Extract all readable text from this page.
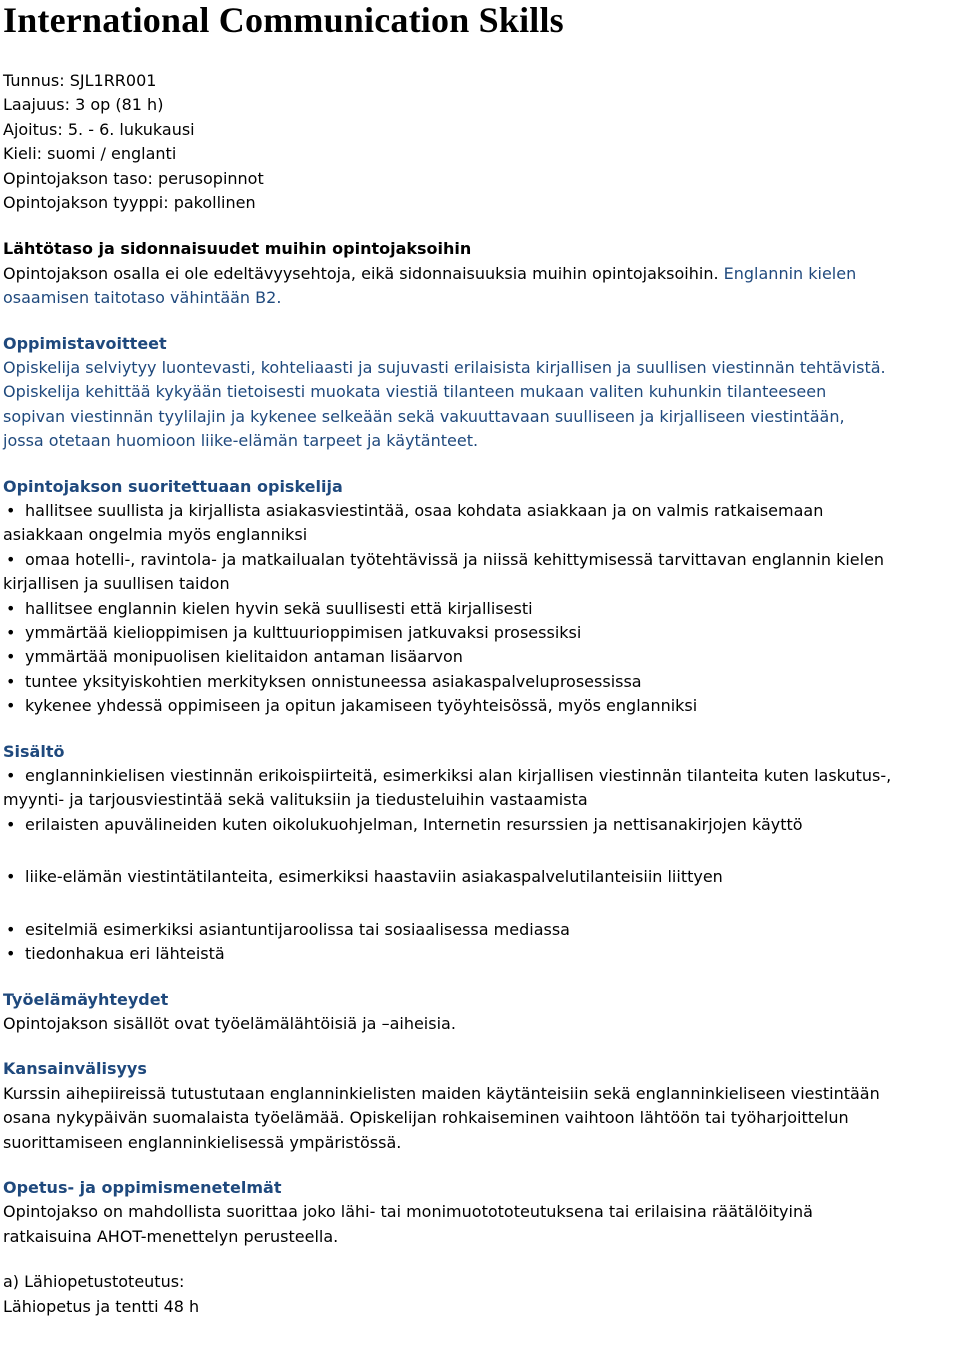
International Communication Skills
Tunnus: SJL1RR001
Laajuus: 3 op (81 h)
Ajoitus: 5. - 6. lukukausi
Kieli: suomi / englanti
Opintojakson taso: perusopinnot
Opintojakson tyyppi: pakollinen
Lähtötaso ja sidonnaisuudet muihin opintojaksoihin

Opintojakson osalla ei ole edeltävyysehtoja, eikä sidonnaisuuksia muihin opintojaksoihin. Englannin kielen
osaamisen taitotaso vähintään B2.

Oppimistavoitteet

Opiskelija selviytyy luontevasti, kohteliaasti ja sujuvasti erilaisista kirjallisen ja suullisen viestinnän tehtävistä.
Opiskelija kehittää kykyään tietoisesti muokata viestiä tilanteen mukaan valiten kuhunkin tilanteeseen
sopivan viestinnän tyylilajin ja kykenee selkeään sekä vakuuttavaan suulliseen ja kirjalliseen viestintään,
jossa otetaan huomioon liike-elämän tarpeet ja käytänteet.

Opintojakson suoritettuaan opiskelija
• hallitsee suullista ja kirjallista asiakasviestintää, osaa kohdata asiakkaan ja on valmis ratkaisemaan
asiakkaan ongelmia myös englanniksi
• omaa hotelli-, ravintola- ja matkailualan työtehtävissä ja niissä kehittymisessä tarvittavan englannin kielen
kirjallisen ja suullisen taidon
• hallitsee englannin kielen hyvin sekä suullisesti että kirjallisesti
• ymmärtää kielioppimisen ja kulttuurioppimisen jatkuvaksi prosessiksi
• ymmärtää monipuolisen kielitaidon antaman lisäarvon
• tuntee yksityiskohtien merkityksen onnistuneessa asiakaspalveluprosessissa
• kykenee yhdessä oppimiseen ja opitun jakamiseen työyhteisössä, myös englanniksi
Sisältö
• englanninkielisen viestinnän erikoispiirteitä, esimerkiksi alan kirjallisen viestinnän tilanteita kuten laskutus-,
myynti- ja tarjousviestintää sekä valituksiin ja tiedusteluihin vastaamista
• erilaisten apuvälineiden kuten oikolukuohjelman, Internetin resurssien ja nettisanakirjojen käyttö
• liike-elämän viestintätilanteita, esimerkiksi haastaviin asiakaspalvelutilanteisiin liittyen
• esitelmiä esimerkiksi asiantuntijaroolissa tai sosiaalisessa mediassa
• tiedonhakua eri lähteistä
Työelämäyhteydet

Opintojakson sisällöt ovat työelämälähtöisiä ja –aiheisia.

Kansainvälisyys

Kurssin aihepiireissä tutustutaan englanninkielisten maiden käytänteisiin sekä englanninkieliseen viestintään
osana nykypäivän suomalaista työelämää. Opiskelijan rohkaiseminen vaihtoon lähtöön tai työharjoittelun
suorittamiseen englanninkielisessä ympäristössä.

Opetus- ja oppimismenetelmät

Opintojakso on mahdollista suorittaa joko lähi- tai monimuotototeutuksena tai erilaisina räätälöityinä
ratkaisuina AHOT-menettelyn perusteella.

a) Lähiopetustoteutus:
Lähiopetus ja tentti 48 h
